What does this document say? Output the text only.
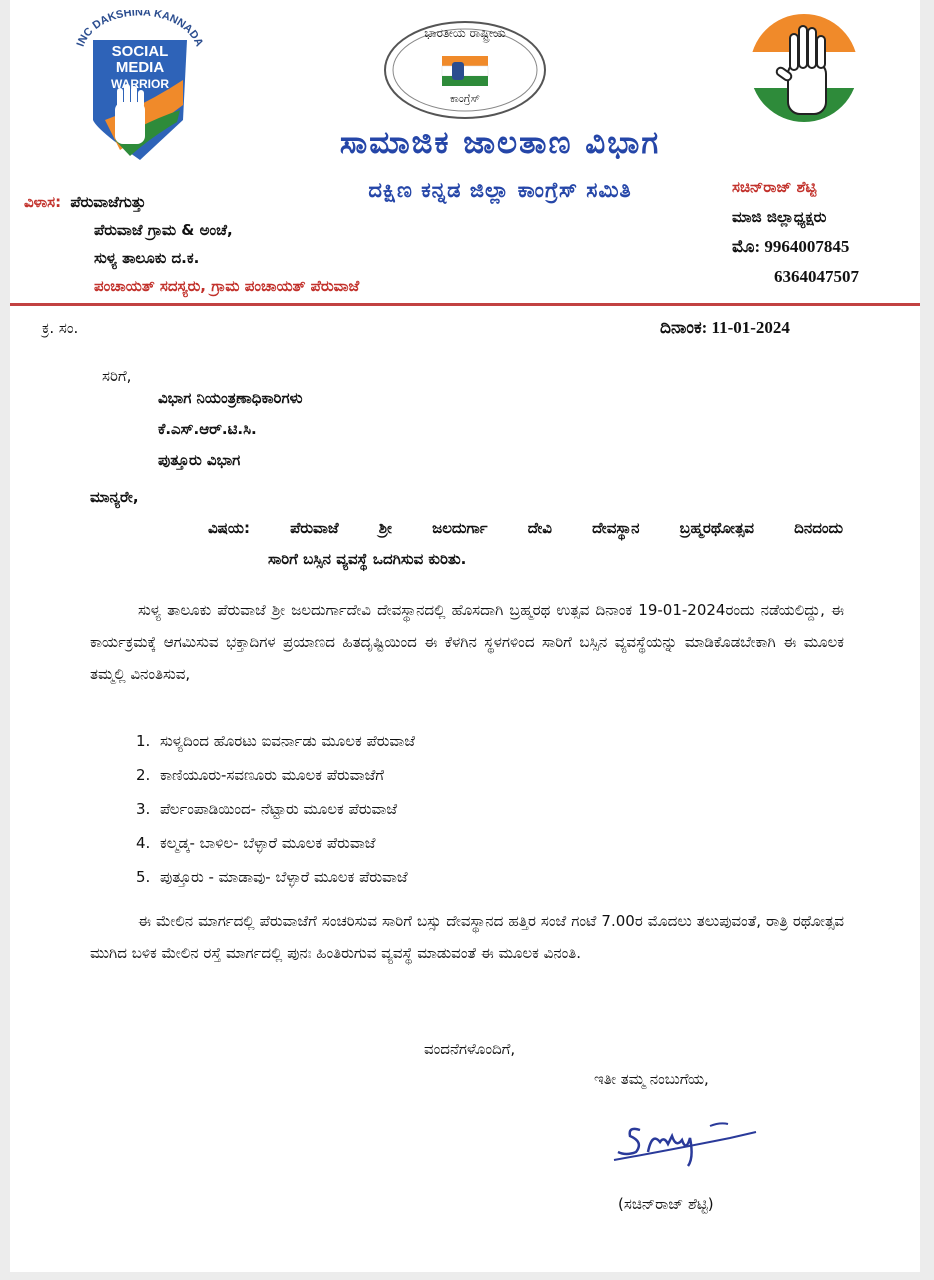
INC DAKSHINA KANNADA
SOCIAL
MEDIA
WARRIOR
ಭಾರತೀಯ ರಾಷ್ಟ್ರೀಯ
ಕಾಂಗ್ರೆಸ್
ಸಾಮಾಜಿಕ ಜಾಲತಾಣ ವಿಭಾಗ
ದಕ್ಷಿಣ ಕನ್ನಡ ಜಿಲ್ಲಾ ಕಾಂಗ್ರೆಸ್ ಸಮಿತಿ
ವಿಳಾಸ: ಪೆರುವಾಜೆಗುತ್ತು
ಪೆರುವಾಜೆ ಗ್ರಾಮ & ಅಂಚೆ,
ಸುಳ್ಯ ತಾಲೂಕು ದ.ಕ.
ಪಂಚಾಯತ್ ಸದಸ್ಯರು, ಗ್ರಾಮ ಪಂಚಾಯತ್ ಪೆರುವಾಜೆ
ಸಚಿನ್‌ರಾಜ್ ಶೆಟ್ಟಿ
ಮಾಜಿ ಜಿಲ್ಲಾಧ್ಯಕ್ಷರು
ಮೊ: 9964007845
6364047507
ಕ್ರ. ಸಂ.	ದಿನಾಂಕ: 11-01-2024
ಸರಿಗೆ,
ವಿಭಾಗ ನಿಯಂತ್ರಣಾಧಿಕಾರಿಗಳು
ಕೆ.ಎಸ್.ಆರ್.ಟಿ.ಸಿ.
ಪುತ್ತೂರು ವಿಭಾಗ
ಮಾನ್ಯರೇ,
ವಿಷಯ: ಪೆರುವಾಜೆ ಶ್ರೀ ಜಲದುರ್ಗಾ ದೇವಿ ದೇವಸ್ಥಾನ ಬ್ರಹ್ಮರಥೋತ್ಸವ ದಿನದಂದು
ಸಾರಿಗೆ ಬಸ್ಸಿನ ವ್ಯವಸ್ಥೆ ಒದಗಿಸುವ ಕುರಿತು.
ಸುಳ್ಯ ತಾಲೂಕು ಪೆರುವಾಜೆ ಶ್ರೀ ಜಲದುರ್ಗಾದೇವಿ ದೇವಸ್ಥಾನದಲ್ಲಿ ಹೊಸದಾಗಿ ಬ್ರಹ್ಮರಥ ಉತ್ಸವ ದಿನಾಂಕ 19-01-2024ರಂದು ನಡೆಯಲಿದ್ದು, ಈ ಕಾರ್ಯಕ್ರಮಕ್ಕೆ ಆಗಮಿಸುವ ಭಕ್ತಾದಿಗಳ ಪ್ರಯಾಣದ ಹಿತದೃಷ್ಟಿಯಿಂದ ಈ ಕೆಳಗಿನ ಸ್ಥಳಗಳಿಂದ ಸಾರಿಗೆ ಬಸ್ಸಿನ ವ್ಯವಸ್ಥೆಯನ್ನು ಮಾಡಿಕೊಡಬೇಕಾಗಿ ಈ ಮೂಲಕ ತಮ್ಮಲ್ಲಿ ವಿನಂತಿಸುವ,
1. ಸುಳ್ಯದಿಂದ ಹೊರಟು ಐವರ್ನಾಡು ಮೂಲಕ ಪೆರುವಾಜೆ
2. ಕಾಣಿಯೂರು-ಸವಣೂರು ಮೂಲಕ ಪೆರುವಾಜೆಗೆ
3. ಪೆರ್ಲಂಪಾಡಿಯಿಂದ- ನೆಟ್ಟಾರು ಮೂಲಕ ಪೆರುವಾಜೆ
4. ಕಲ್ಮಡ್ಕ- ಬಾಳಿಲ- ಬೆಳ್ಳಾರೆ ಮೂಲಕ ಪೆರುವಾಜೆ
5. ಪುತ್ತೂರು - ಮಾಡಾವು- ಬೆಳ್ಳಾರೆ ಮೂಲಕ ಪೆರುವಾಜೆ
ಈ ಮೇಲಿನ ಮಾರ್ಗದಲ್ಲಿ ಪೆರುವಾಜೆಗೆ ಸಂಚರಿಸುವ ಸಾರಿಗೆ ಬಸ್ಸು ದೇವಸ್ಥಾನದ ಹತ್ತಿರ ಸಂಜೆ ಗಂಟೆ 7.00ರ ಮೊದಲು ತಲುಪುವಂತೆ, ರಾತ್ರಿ ರಥೋತ್ಸವ ಮುಗಿದ ಬಳಿಕ ಮೇಲಿನ ರಸ್ತೆ ಮಾರ್ಗದಲ್ಲಿ ಪುನಃ ಹಿಂತಿರುಗುವ ವ್ಯವಸ್ಥೆ ಮಾಡುವಂತೆ ಈ ಮೂಲಕ ವಿನಂತಿ.
ವಂದನೆಗಳೊಂದಿಗೆ,
ಇತೀ ತಮ್ಮ ನಂಬುಗೆಯ,
(ಸಚಿನ್‌ರಾಜ್ ಶೆಟ್ಟಿ)
